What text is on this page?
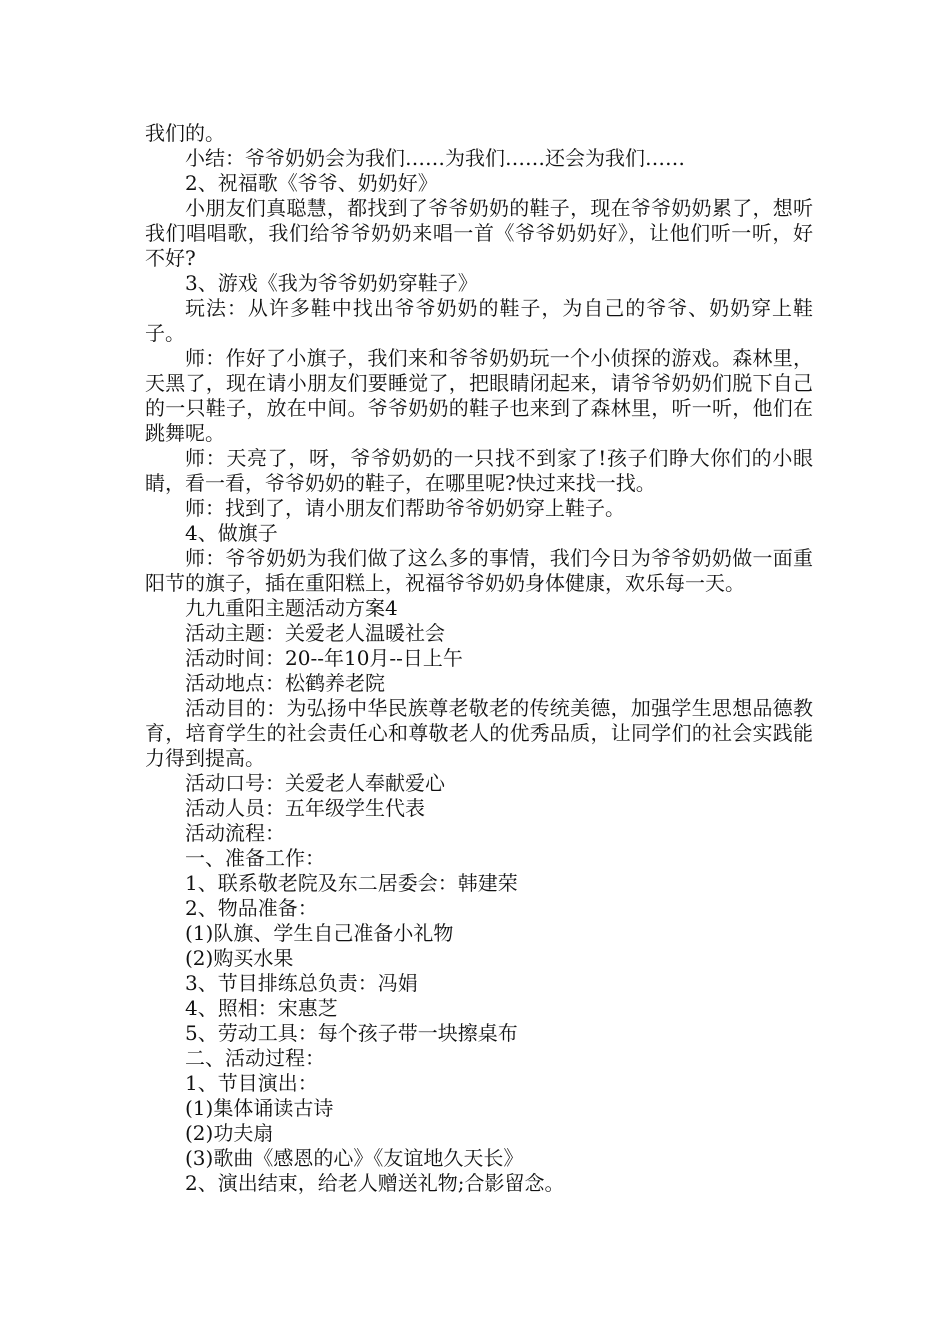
我们的。

小结：爷爷奶奶会为我们……为我们……还会为我们……

2、祝福歌《爷爷、奶奶好》

小朋友们真聪慧，都找到了爷爷奶奶的鞋子，现在爷爷奶奶累了，想听我们唱唱歌，我们给爷爷奶奶来唱一首《爷爷奶奶好》，让他们听一听，好不好?

3、游戏《我为爷爷奶奶穿鞋子》

玩法：从许多鞋中找出爷爷奶奶的鞋子，为自己的爷爷、奶奶穿上鞋子。

师：作好了小旗子，我们来和爷爷奶奶玩一个小侦探的游戏。森林里，天黑了，现在请小朋友们要睡觉了，把眼睛闭起来，请爷爷奶奶们脱下自己的一只鞋子，放在中间。爷爷奶奶的鞋子也来到了森林里，听一听，他们在跳舞呢。

师：天亮了，呀，爷爷奶奶的一只找不到家了!孩子们睁大你们的小眼睛，看一看，爷爷奶奶的鞋子，在哪里呢?快过来找一找。

师：找到了，请小朋友们帮助爷爷奶奶穿上鞋子。

4、做旗子

师：爷爷奶奶为我们做了这么多的事情，我们今日为爷爷奶奶做一面重阳节的旗子，插在重阳糕上，祝福爷爷奶奶身体健康，欢乐每一天。

九九重阳主题活动方案4

活动主题：关爱老人温暖社会

活动时间：20--年10月--日上午

活动地点：松鹤养老院

活动目的：为弘扬中华民族尊老敬老的传统美德，加强学生思想品德教育，培育学生的社会责任心和尊敬老人的优秀品质，让同学们的社会实践能力得到提高。

活动口号：关爱老人奉献爱心

活动人员：五年级学生代表

活动流程：

一、准备工作：

1、联系敬老院及东二居委会：韩建荣

2、物品准备：

(1)队旗、学生自己准备小礼物

(2)购买水果

3、节目排练总负责：冯娟

4、照相：宋惠芝

5、劳动工具：每个孩子带一块擦桌布

二、活动过程：

1、节目演出：

(1)集体诵读古诗

(2)功夫扇

(3)歌曲《感恩的心》《友谊地久天长》

2、演出结束，给老人赠送礼物;合影留念。
